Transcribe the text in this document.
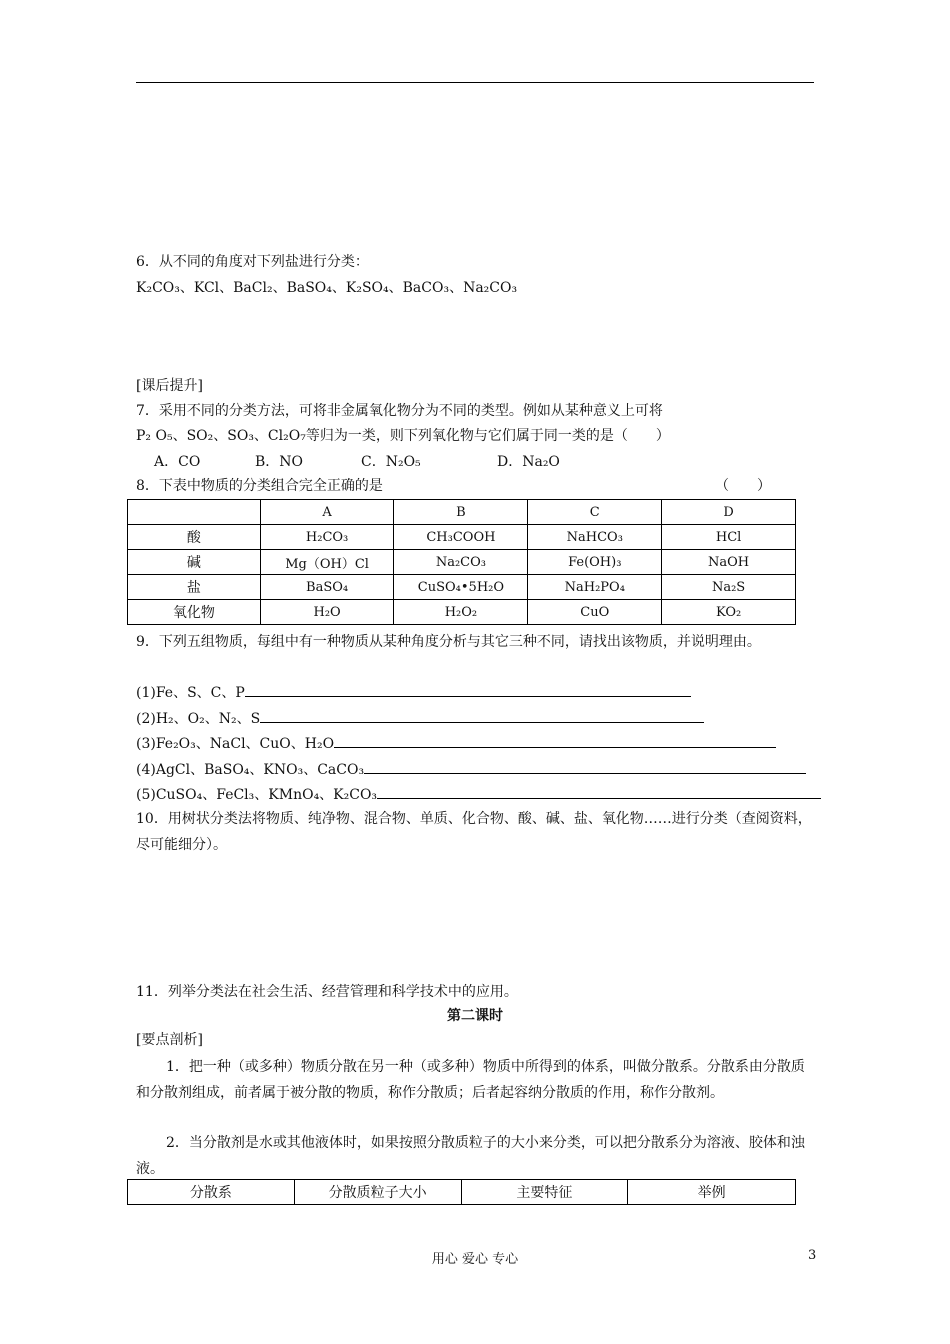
6．从不同的角度对下列盐进行分类：
K₂CO₃、KCl、BaCl₂、BaSO₄、K₂SO₄、BaCO₃、Na₂CO₃
[课后提升]
7．采用不同的分类方法，可将非金属氧化物分为不同的类型。例如从某种意义上可将
P₂ O₅、SO₂、SO₃、Cl₂O₇等归为一类，则下列氧化物与它们属于同一类的是（　　）
A．CO	B．NO	C．N₂O₅	D．Na₂O
8．下表中物质的分类组合完全正确的是	（　　）
	A	B	C	D
酸	H₂CO₃	CH₃COOH	NaHCO₃	HCl
碱	Mg（OH）Cl	Na₂CO₃	Fe(OH)₃	NaOH
盐	BaSO₄	CuSO₄•5H₂O	NaH₂PO₄	Na₂S
氧化物	H₂O	H₂O₂	CuO	KO₂
9．下列五组物质，每组中有一种物质从某种角度分析与其它三种不同，请找出该物质，并说明理由。
(1)Fe、S、C、P
(2)H₂、O₂、N₂、S
(3)Fe₂O₃、NaCl、CuO、H₂O
(4)AgCl、BaSO₄、KNO₃、CaCO₃
(5)CuSO₄、FeCl₃、KMnO₄、K₂CO₃
10．用树状分类法将物质、纯净物、混合物、单质、化合物、酸、碱、盐、氧化物……进行分类（查阅资料，尽可能细分）。
11．列举分类法在社会生活、经营管理和科学技术中的应用。
第二课时
[要点剖析]
1．把一种（或多种）物质分散在另一种（或多种）物质中所得到的体系，叫做分散系。分散系由分散质和分散剂组成，前者属于被分散的物质，称作分散质；后者起容纳分散质的作用，称作分散剂。
2．当分散剂是水或其他液体时，如果按照分散质粒子的大小来分类，可以把分散系分为溶液、胶体和浊液。
分散系	分散质粒子大小	主要特征	举例
用心 爱心 专心	3
